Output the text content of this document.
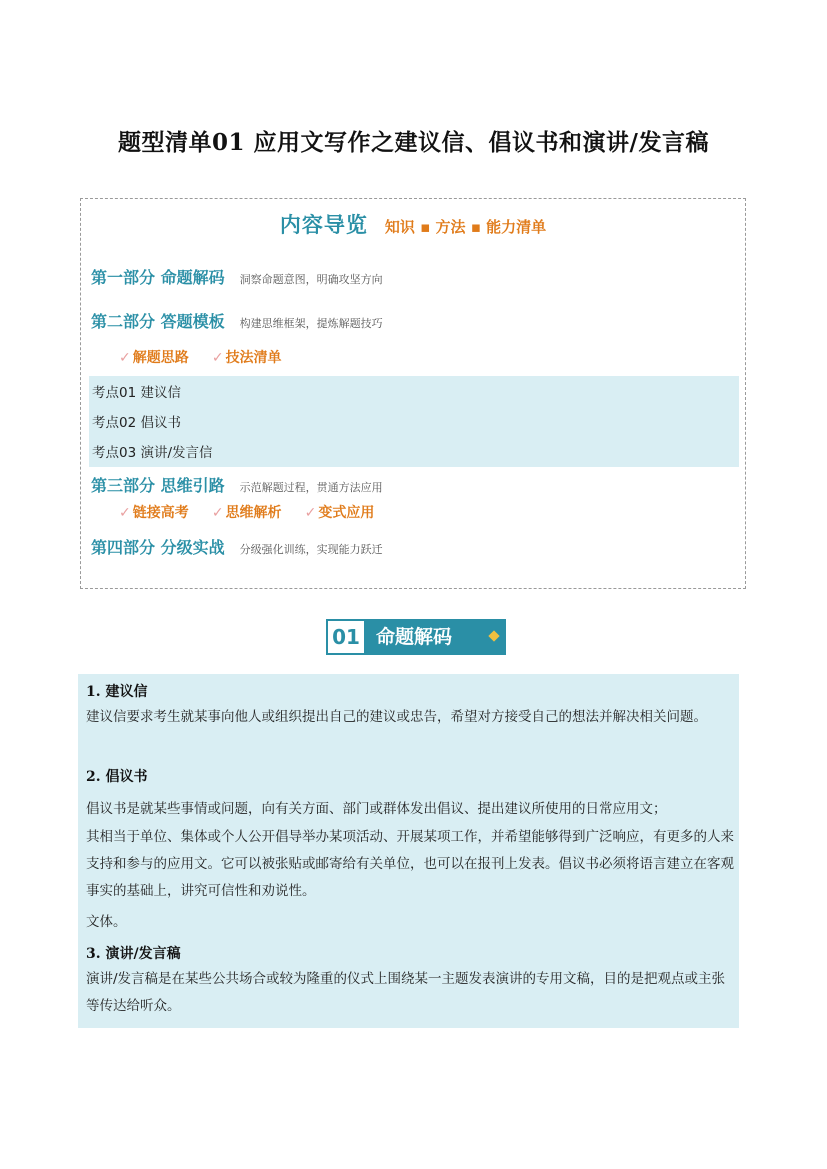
题型清单01 应用文写作之建议信、倡议书和演讲/发言稿
内容导览 知识 ▪ 方法 ▪ 能力清单
第一部分 命题解码 洞察命题意图，明确攻坚方向
第二部分 答题模板 构建思维框架，提炼解题技巧
✓ 解题思路 ✓ 技法清单
考点01 建议信
考点02 倡议书
考点03 演讲/发言信
第三部分 思维引路 示范解题过程，贯通方法应用
✓ 链接高考 ✓ 思维解析 ✓ 变式应用
第四部分 分级实战 分级强化训练，实现能力跃迁
01 命题解码
1. 建议信
建议信要求考生就某事向他人或组织提出自己的建议或忠告，希望对方接受自己的想法并解决相关问题。
2. 倡议书
倡议书是就某些事情或问题，向有关方面、部门或群体发出倡议、提出建议所使用的日常应用文；
其相当于单位、集体或个人公开倡导举办某项活动、开展某项工作，并希望能够得到广泛响应，有更多的人来支持和参与的应用文。它可以被张贴或邮寄给有关单位，也可以在报刊上发表。倡议书必须将语言建立在客观事实的基础上，讲究可信性和劝说性。
文体。
3. 演讲/发言稿
演讲/发言稿是在某些公共场合或较为隆重的仪式上围绕某一主题发表演讲的专用文稿，目的是把观点或主张等传达给听众。
